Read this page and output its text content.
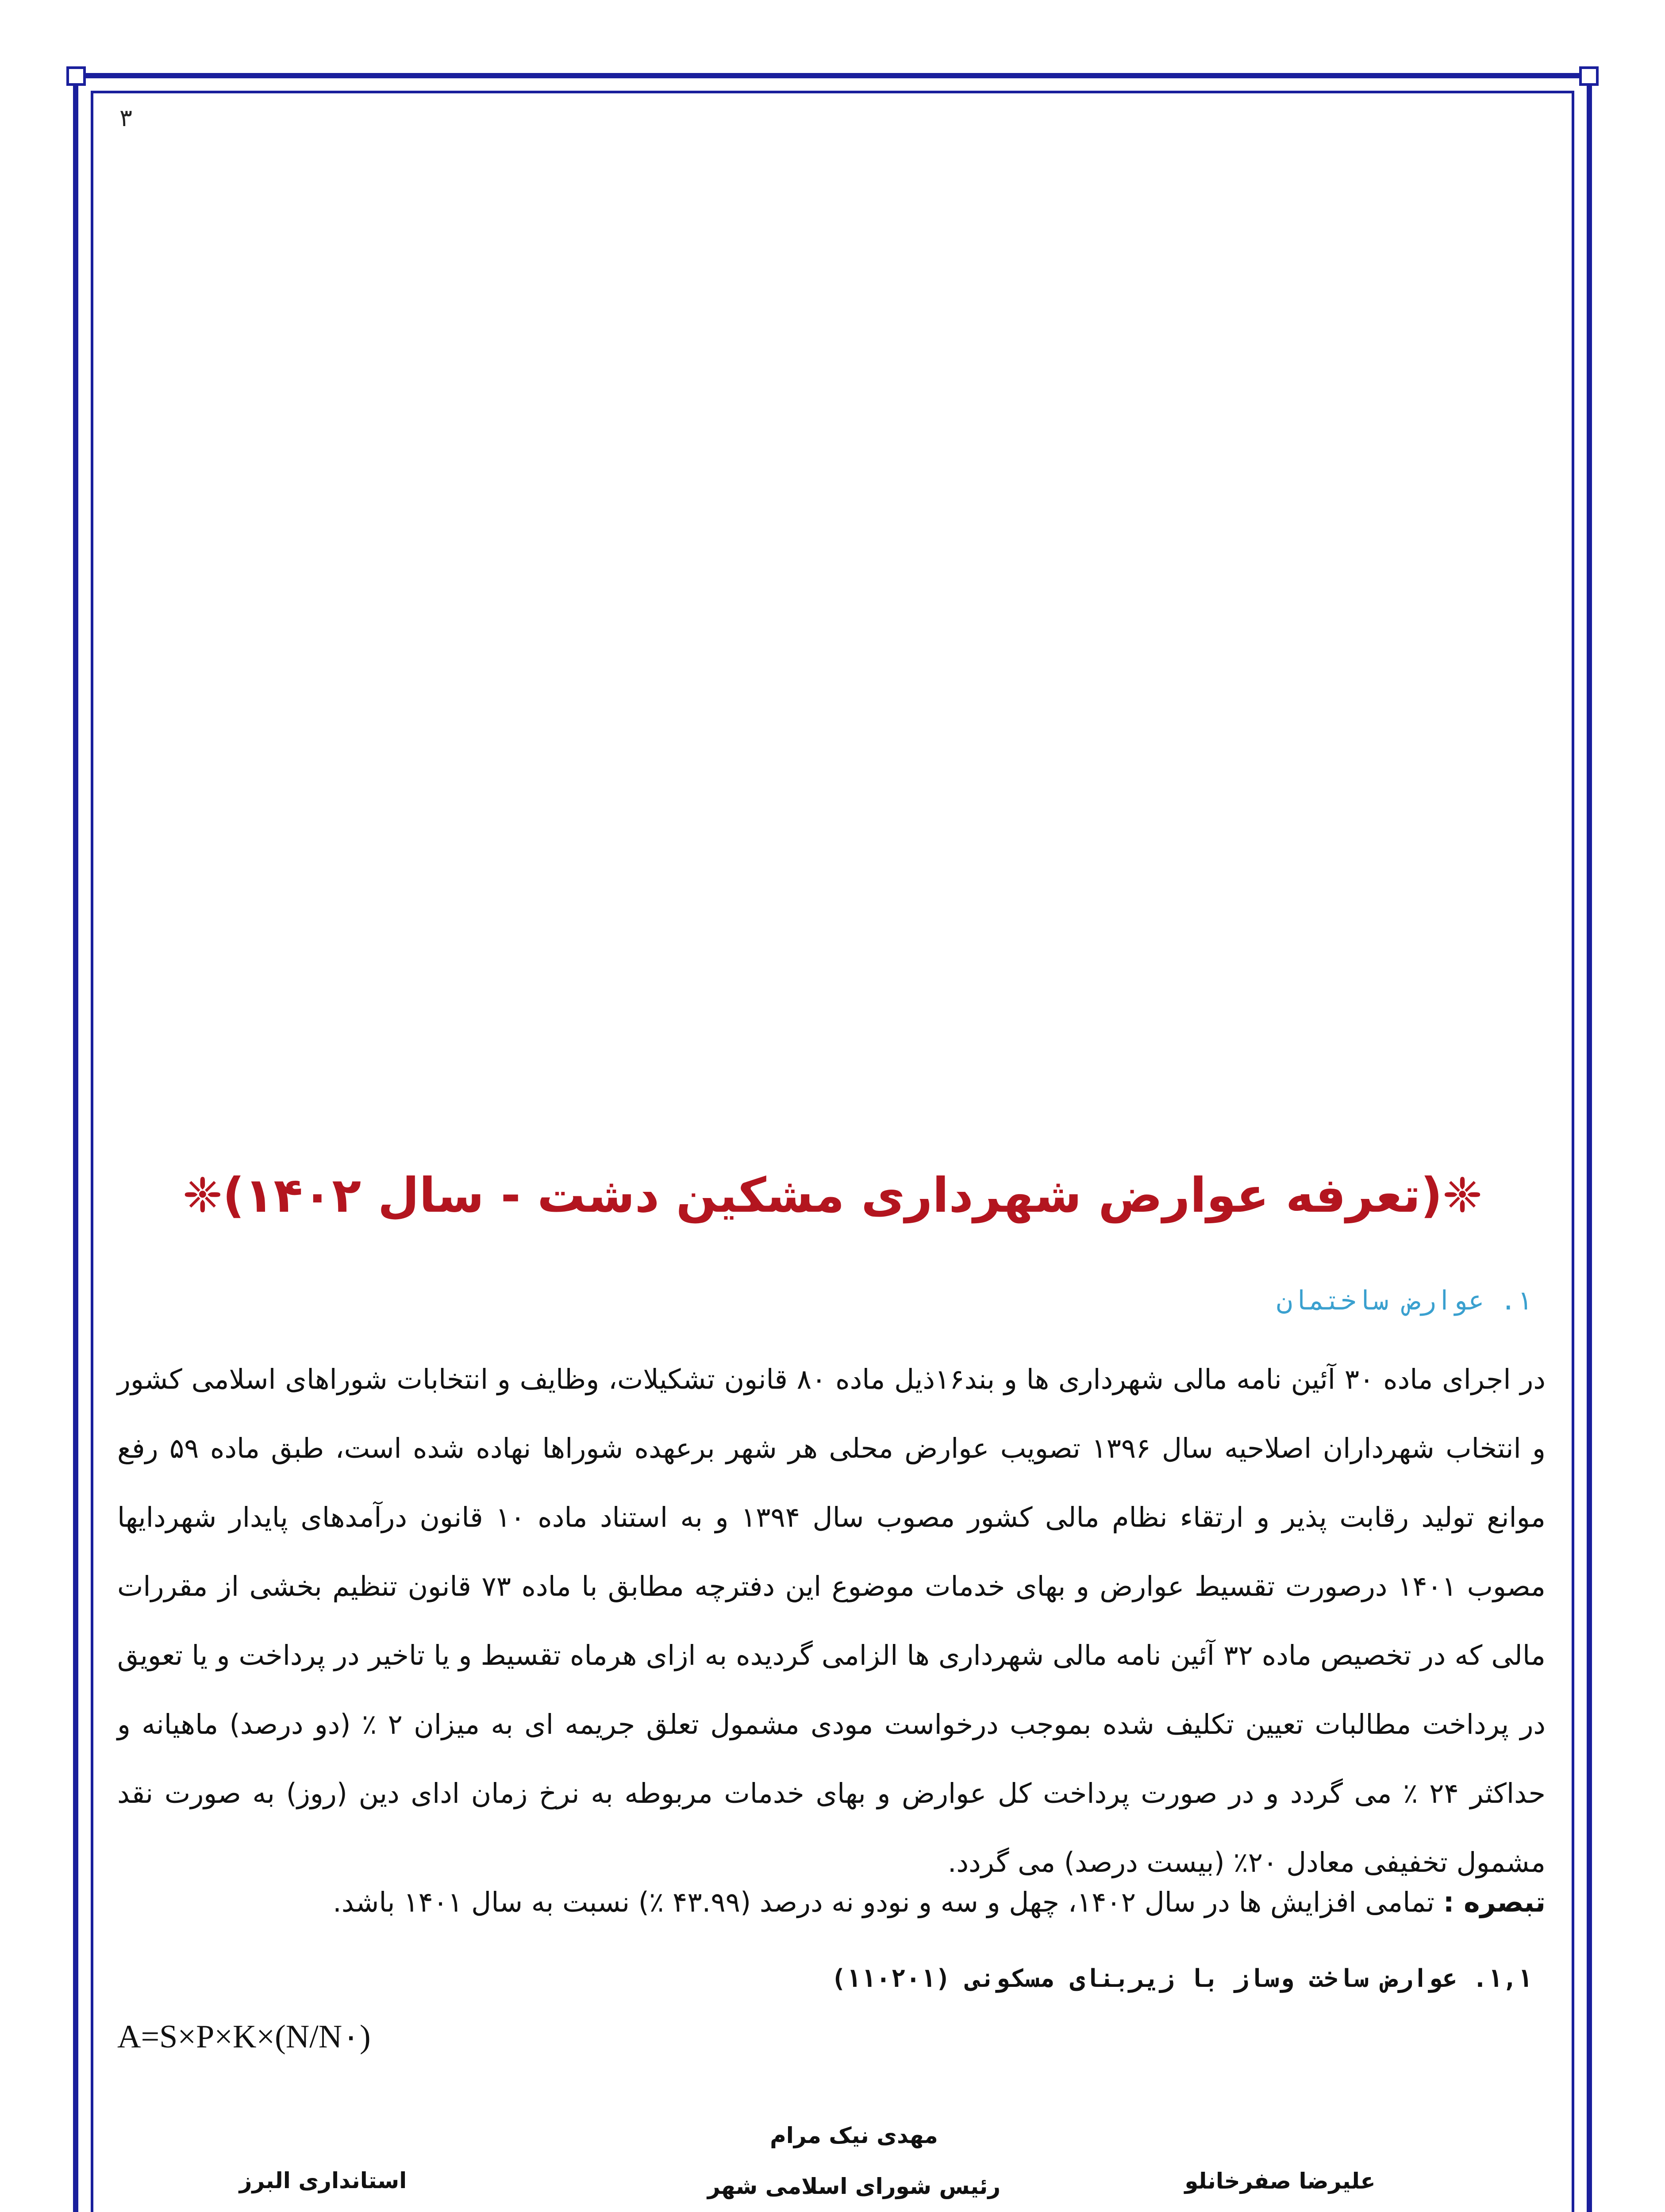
٣
❈(تعرفه عوارض شهرداری مشکین دشت - سال ۱۴۰۲)❈
۱. عوارض ساختمان
در اجرای ماده ۳۰ آئین نامه مالی شهرداری ها و بند۱۶ذیل ماده ۸۰ قانون تشکیلات، وظایف و انتخابات شوراهای اسلامی کشور و انتخاب شهرداران اصلاحیه سال ۱۳۹۶ تصویب عوارض محلی هر شهر برعهده شوراها نهاده شده است، طبق ماده ۵۹ رفع موانع تولید رقابت پذیر و ارتقاء نظام مالی کشور مصوب سال ۱۳۹۴ و به استناد ماده ۱۰ قانون درآمدهای پایدار شهردایها مصوب ۱۴۰۱ درصورت تقسیط عوارض و بهای خدمات موضوع این دفترچه مطابق با ماده ۷۳ قانون تنظیم بخشی از مقررات مالی که در تخصیص ماده ۳۲ آئین نامه مالی شهرداری ها الزامی گردیده به ازای هرماه تقسیط و یا تاخیر در پرداخت و یا تعویق در پرداخت مطالبات تعیین تکلیف شده بموجب درخواست مودی مشمول تعلق جریمه ای به میزان ۲ ٪ (دو درصد) ماهیانه و حداکثر ۲۴ ٪ می گردد و در صورت پرداخت کل عوارض و بهای خدمات مربوطه به نرخ زمان ادای دین (روز) به صورت نقد مشمول تخفیفی معادل ۲۰٪ (بیست درصد) می گردد.
تبصره : تمامی افزایش ها در سال ۱۴۰۲، چهل و سه و نودو نه درصد (۴۳.۹۹ ٪) نسبت به سال ۱۴۰۱ باشد.
۱,۱. عوارض ساخت وساز با زیربنای مسکونی (۱۱۰۲۰۱)
A=S×P×K×(N/N۰)
علیرضا صفرخانلو
مهدی نیک مرام
رئیس شورای اسلامی شهر
استانداری البرز
